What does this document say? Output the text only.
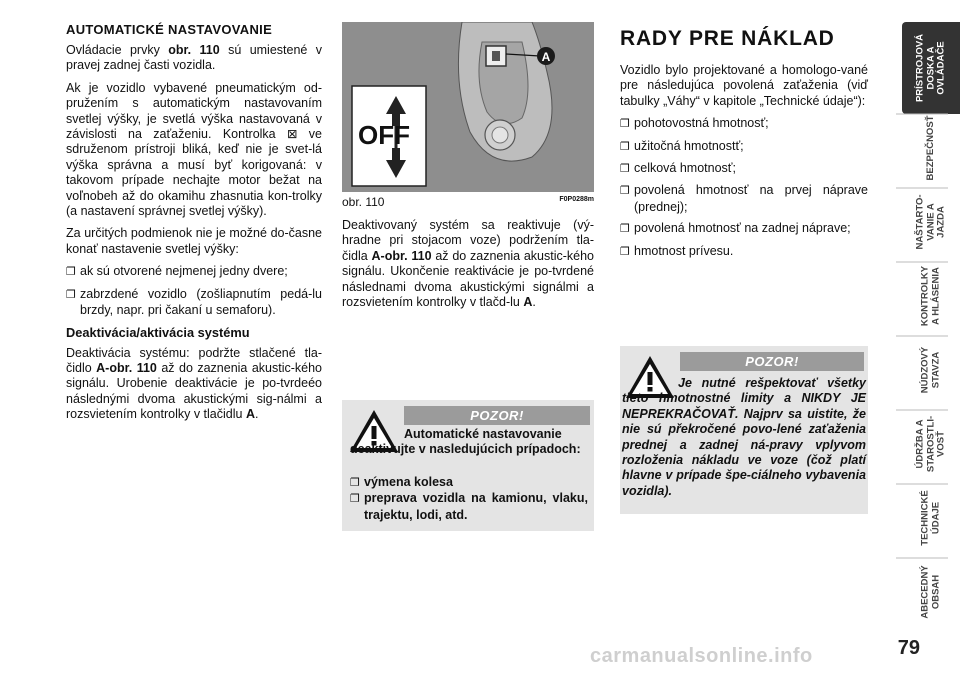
AUTOMATICKÉ NASTAVOVANIE

Ovládacie prvky obr. 110 sú umiestené v pravej zadnej časti vozidla.

Ak je vozidlo vybavené pneumatickým od-pružením s automatickým nastavovaním svetlej výšky, je svetlá výška nastavovaná v závislosti na zaťaženiu. Kontrolka ⊠ ve sdruženom prístroji bliká, keď nie je svet-lá výška správna a musí byť korigovaná: v takovom prípade nechajte motor bežat na voľnobeh až do okamihu zhasnutia kon-trolky (a nastavení správnej svetlej výšky).

Za určitých podmienok nie je možné do-časne konať nastavenie svetlej výšky:

❐ ak sú otvorené nejmenej jedny dvere;
❐ zabrzdené vozidlo (zošliapnutím pedá-lu brzdy, napr. pri čakaní u semaforu).
Deaktivácia/aktivácia systému

Deaktivácia systému: podržte stlačené tla-čidlo A-obr. 110 až do zaznenia akustic-kého signálu. Urobenie deaktivácie je po-tvrdeéo následnými dvoma akustickými sig-nálmi a rozsvietením kontrolky v tlačidlu A.

OFF
A
obr. 110	F0P0288m

Deaktivovaný systém sa reaktivuje (vý-hradne pri stojacom voze) podržením tla-čidla A-obr. 110 až do zaznenia akustic-kého signálu. Ukončenie reaktivácie je po-tvrdené následnami dvoma akustickými signálmi a rozsvietením kontrolky v tlačd-lu A.

POZOR!
Automatické nastavovanie deaktivujte v nasledujúcich prípadoch:
❐ výmena kolesa
❐ preprava vozidla na kamionu, vlaku, trajektu, lodi, atd.
RADY PRE NÁKLAD

Vozidlo bylo projektované a homologo-vané pre následujúca povolená zaťaženia (viď tabulky „Váhy“ v kapitole „Technické údaje“):

❐ pohotovostná hmotnosť;
❐ užitočná hmotnostť;
❐ celková hmotnosť;
❐ povolená hmotnosť na prvej náprave (prednej);
❐ povolená hmotnosť na zadnej náprave;
❐ hmotnost prívesu.
POZOR!
Je nutné rešpektovať všetky tieto hmotnostné limity a NIKDY JE NEPREKRAČOVAŤ. Najprv sa uistite, že nie sú překročené povo-lené zaťaženia prednej a zadnej ná-pravy vplyvom rozloženia nákladu ve voze (čož platí hlavne v prípade špe-ciálneho vybavenia vozidla).
PRÍSTROJOVÁ
DOSKA A
OVLÁDAČE
BEZPEČNOSŤ
NAŠTARTO-
VANIE A
JAZDA
KONTROLKY
A HLÁSENIA
NÚDZOVÝ
STAVZA
ÚDRŽBA A
STAROSTLI-
VOSŤ
TECHNICKÉ
ÚDAJE
ABECEDNÝ
OBSAH
79
carmanualsonline.info
